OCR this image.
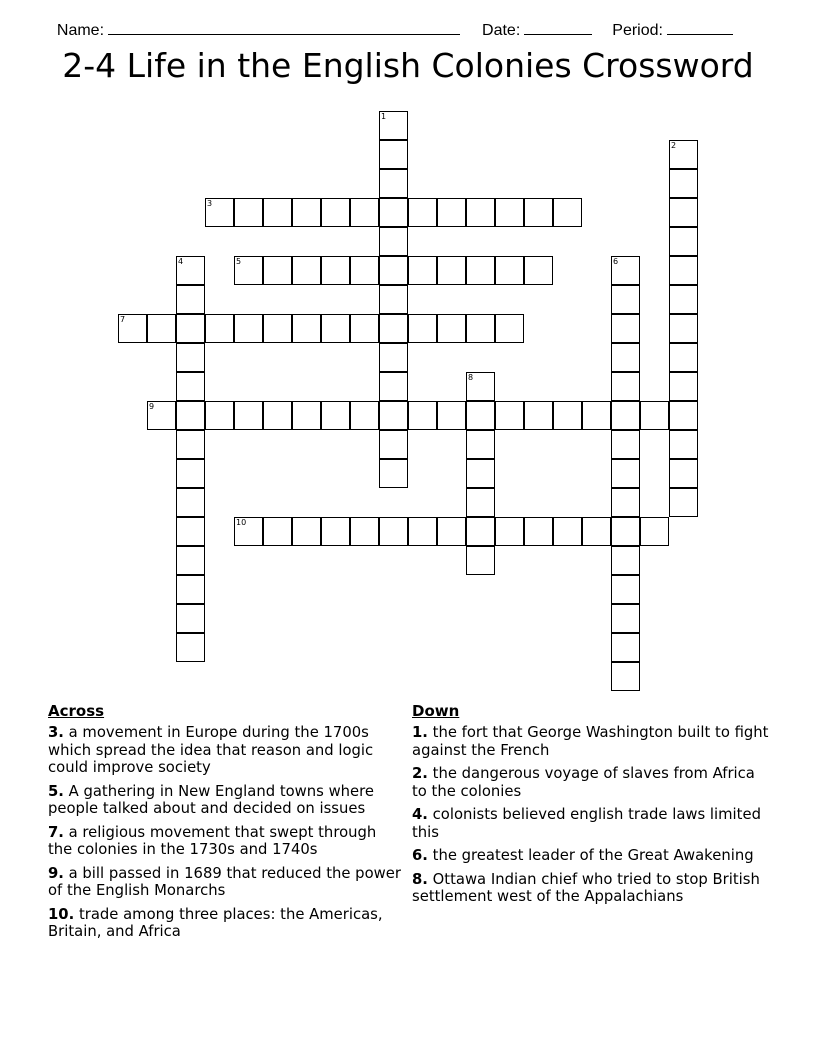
Name:	Date:	Period:

2-4 Life in the English Colonies Crossword
1
2
3
4	5	6
7
8
9
10
Across
3. a movement in Europe during the 1700s which spread the idea that reason and logic could improve society
5. A gathering in New England towns where people talked about and decided on issues
7. a religious movement that swept through the colonies in the 1730s and 1740s
9. a bill passed in 1689 that reduced the power of the English Monarchs
10. trade among three places: the Americas, Britain, and Africa
Down
1. the fort that George Washington built to fight against the French
2. the dangerous voyage of slaves from Africa to the colonies
4. colonists believed english trade laws limited this
6. the greatest leader of the Great Awakening
8. Ottawa Indian chief who tried to stop British settlement west of the Appalachians
